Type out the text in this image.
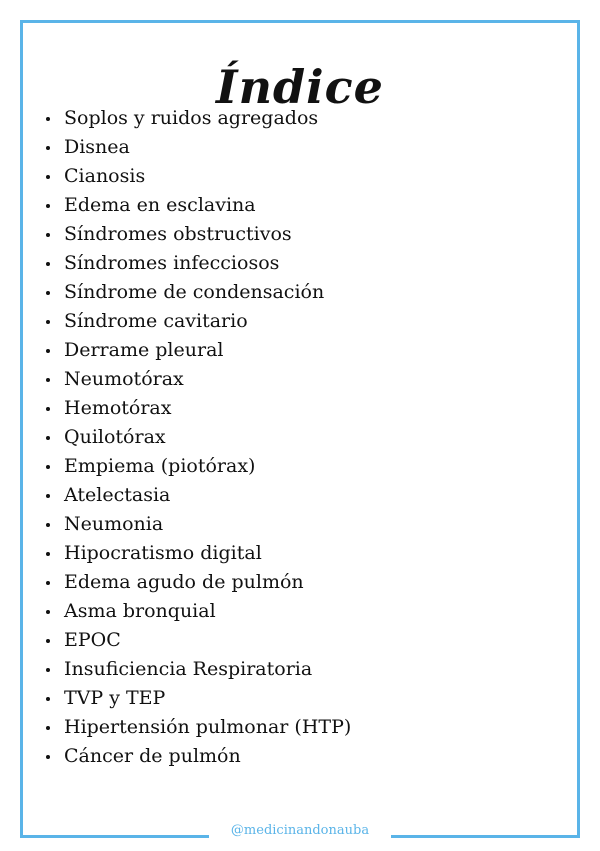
Índice
Soplos y ruidos agregados
Disnea
Cianosis
Edema en esclavina
Síndromes obstructivos
Síndromes infecciosos
Síndrome de condensación
Síndrome cavitario
Derrame pleural
Neumotórax
Hemotórax
Quilotórax
Empiema (piotórax)
Atelectasia
Neumonia
Hipocratismo digital
Edema agudo de pulmón
Asma bronquial
EPOC
Insuficiencia Respiratoria
TVP y TEP
Hipertensión pulmonar (HTP)
Cáncer de pulmón
@medicinandonauba
